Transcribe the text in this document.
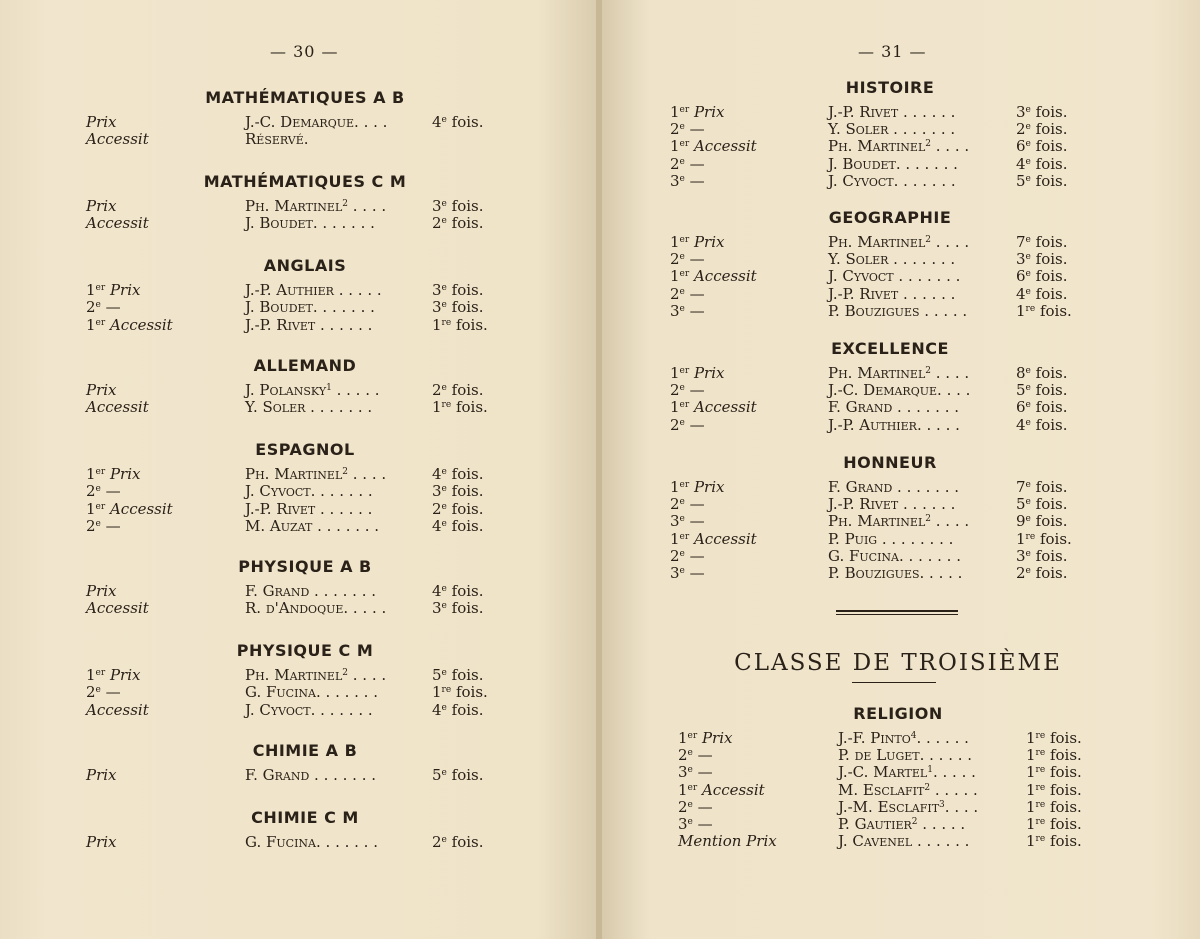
— 30 —
MATHÉMATIQUES A B
Prix	J.-C. Demarque. . . .	4e fois.
Accessit	Réservé.
MATHÉMATIQUES C M
Prix	Ph. Martinel$^2$ . . . .	3e fois.
Accessit	J. Boudet. . . . . . .	2e fois.
ANGLAIS
1er Prix	J.-P. Authier . . . . .	3e fois.
2e —	J. Boudet. . . . . . .	3e fois.
1er Accessit	J.-P. Rivet . . . . . .	1re fois.
ALLEMAND
Prix	J. Polansky$^1$ . . . . .	2e fois.
Accessit	Y. Soler . . . . . . .	1re fois.
ESPAGNOL
1er Prix	Ph. Martinel$^2$ . . . .	4e fois.
2e —	J. Cyvoct. . . . . . .	3e fois.
1er Accessit	J.-P. Rivet . . . . . .	2e fois.
2e —	M. Auzat . . . . . . .	4e fois.
PHYSIQUE A B
Prix	F. Grand . . . . . . .	4e fois.
Accessit	R. d'Andoque. . . . .	3e fois.
PHYSIQUE C M
1er Prix	Ph. Martinel$^2$ . . . .	5e fois.
2e —	G. Fucina. . . . . . .	1re fois.
Accessit	J. Cyvoct. . . . . . .	4e fois.
CHIMIE A B
Prix	F. Grand . . . . . . .	5e fois.
CHIMIE C M
Prix	G. Fucina. . . . . . .	2e fois.
— 31 —
HISTOIRE
1er Prix	J.-P. Rivet . . . . . .	3e fois.
2e —	Y. Soler . . . . . . .	2e fois.
1er Accessit	Ph. Martinel$^2$ . . . .	6e fois.
2e —	J. Boudet. . . . . . .	4e fois.
3e —	J. Cyvoct. . . . . . .	5e fois.
GEOGRAPHIE
1er Prix	Ph. Martinel$^2$ . . . .	7e fois.
2e —	Y. Soler . . . . . . .	3e fois.
1er Accessit	J. Cyvoct . . . . . . .	6e fois.
2e —	J.-P. Rivet . . . . . .	4e fois.
3e —	P. Bouzigues . . . . .	1re fois.
EXCELLENCE
1er Prix	Ph. Martinel$^2$ . . . .	8e fois.
2e —	J.-C. Demarque. . . .	5e fois.
1er Accessit	F. Grand . . . . . . .	6e fois.
2e —	J.-P. Authier. . . . .	4e fois.
HONNEUR
1er Prix	F. Grand . . . . . . .	7e fois.
2e —	J.-P. Rivet . . . . . .	5e fois.
3e —	Ph. Martinel$^2$ . . . .	9e fois.
1er Accessit	P. Puig . . . . . . . .	1re fois.
2e —	G. Fucina. . . . . . .	3e fois.
3e —	P. Bouzigues. . . . .	2e fois.
CLASSE DE TROISIÈME
RELIGION
1er Prix	J.-F. Pinto$^4$. . . . . .	1re fois.
2e —	P. de Luget. . . . . .	1re fois.
3e —	J.-C. Martel$^1$. . . . .	1re fois.
1er Accessit	M. Esclafit$^2$ . . . . .	1re fois.
2e —	J.-M. Esclafit$^3$. . . .	1re fois.
3e —	P. Gautier$^2$ . . . . .	1re fois.
Mention Prix	J. Cavenel . . . . . .	1re fois.
